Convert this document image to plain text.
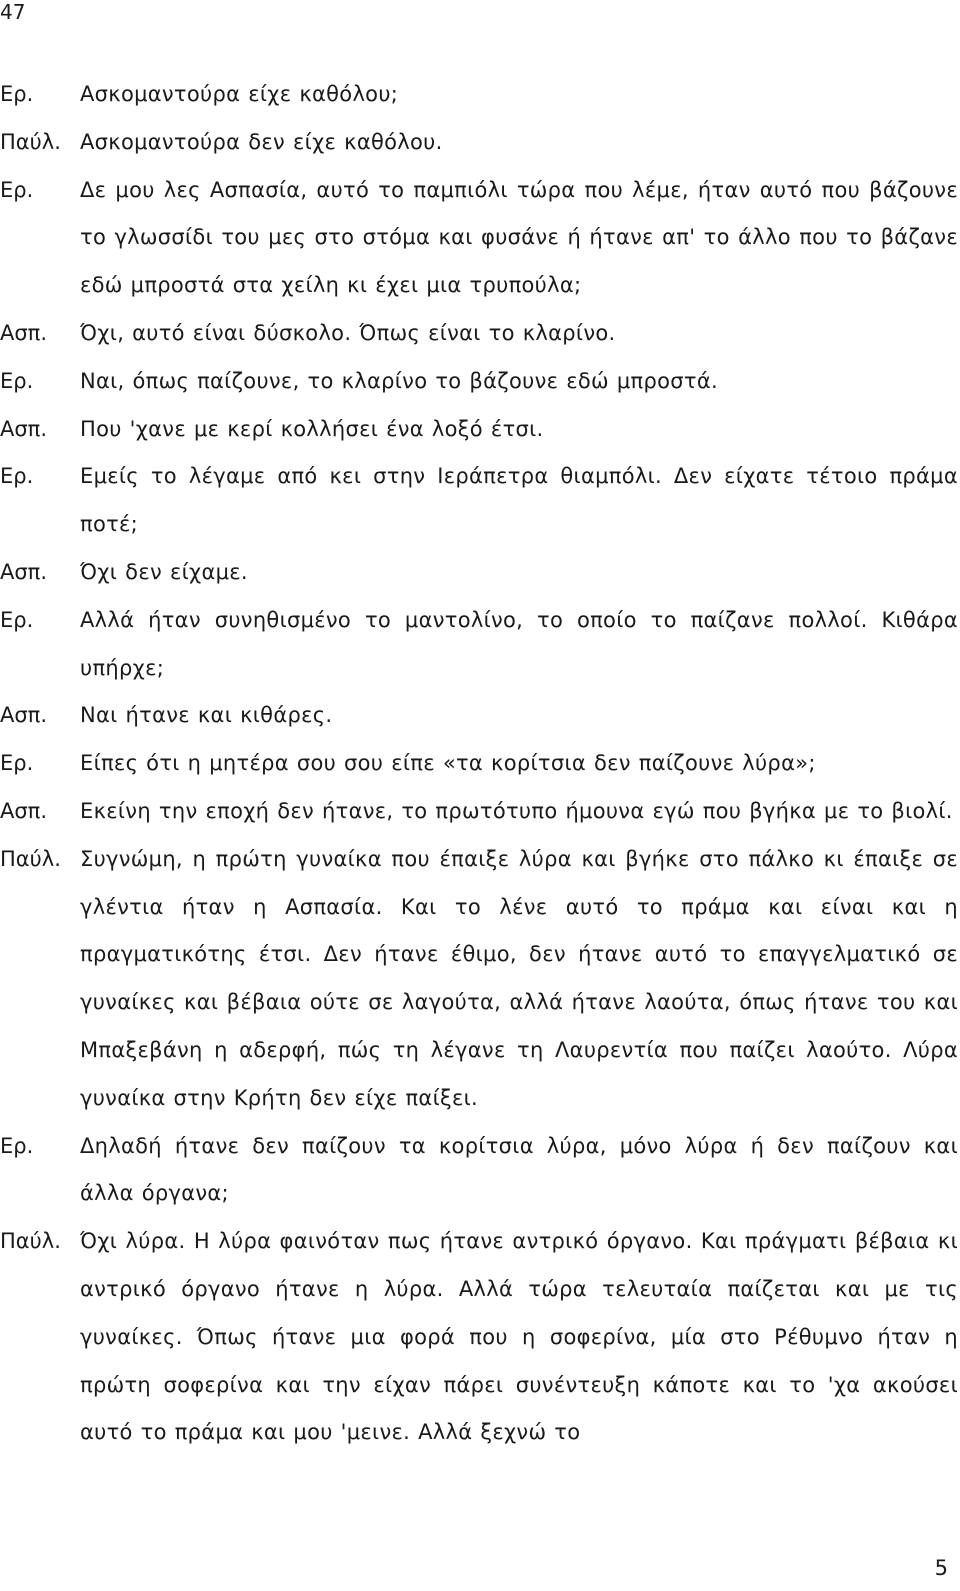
47
Ερ.	Ασκομαντούρα είχε καθόλου;
Παύλ. Ασκομαντούρα δεν είχε καθόλου.
Ερ.	Δε μου λες Ασπασία, αυτό το παμπιόλι τώρα που λέμε, ήταν αυτό που βάζουνε το γλωσσίδι του μες στο στόμα και φυσάνε ή ήτανε απ' το άλλο που το βάζανε εδώ μπροστά στα χείλη κι έχει μια τρυπούλα;
Ασπ.	Όχι, αυτό είναι δύσκολο. Όπως είναι το κλαρίνο.
Ερ.	Ναι, όπως παίζουνε, το κλαρίνο το βάζουνε εδώ μπροστά.
Ασπ.	Που 'χανε με κερί κολλήσει ένα λοξό έτσι.
Ερ.	Εμείς το λέγαμε από κει στην Ιεράπετρα θιαμπόλι. Δεν είχατε τέτοιο πράμα ποτέ;
Ασπ.	Όχι δεν είχαμε.
Ερ.	Αλλά ήταν συνηθισμένο το μαντολίνο, το οποίο το παίζανε πολλοί. Κιθάρα υπήρχε;
Ασπ.	Ναι ήτανε και κιθάρες.
Ερ.	Είπες ότι η μητέρα σου σου είπε «τα κορίτσια δεν παίζουνε λύρα»;
Ασπ.	Εκείνη την εποχή δεν ήτανε, το πρωτότυπο ήμουνα εγώ που βγήκα με το βιολί.
Παύλ. Συγνώμη, η πρώτη γυναίκα που έπαιξε λύρα και βγήκε στο πάλκο κι έπαιξε σε γλέντια ήταν η Ασπασία. Και το λένε αυτό το πράμα και είναι και η πραγματικότης έτσι. Δεν ήτανε έθιμο, δεν ήτανε αυτό το επαγγελματικό σε γυναίκες και βέβαια ούτε σε λαγούτα, αλλά ήτανε λαούτα, όπως ήτανε του και Μπαξεβάνη η αδερφή, πώς τη λέγανε τη Λαυρεντία που παίζει λαούτο. Λύρα γυναίκα στην Κρήτη δεν είχε παίξει.
Ερ.	Δηλαδή ήτανε δεν παίζουν τα κορίτσια λύρα, μόνο λύρα ή δεν παίζουν και άλλα όργανα;
Παύλ. Όχι λύρα. Η λύρα φαινόταν πως ήτανε αντρικό όργανο. Και πράγματι βέβαια κι αντρικό όργανο ήτανε η λύρα. Αλλά τώρα τελευταία παίζεται και με τις γυναίκες. Όπως ήτανε μια φορά που η σοφερίνα, μία στο Ρέθυμνο ήταν η πρώτη σοφερίνα και την είχαν πάρει συνέντευξη κάποτε και το 'χα ακούσει αυτό το πράμα και μου 'μεινε. Αλλά ξεχνώ το
5
